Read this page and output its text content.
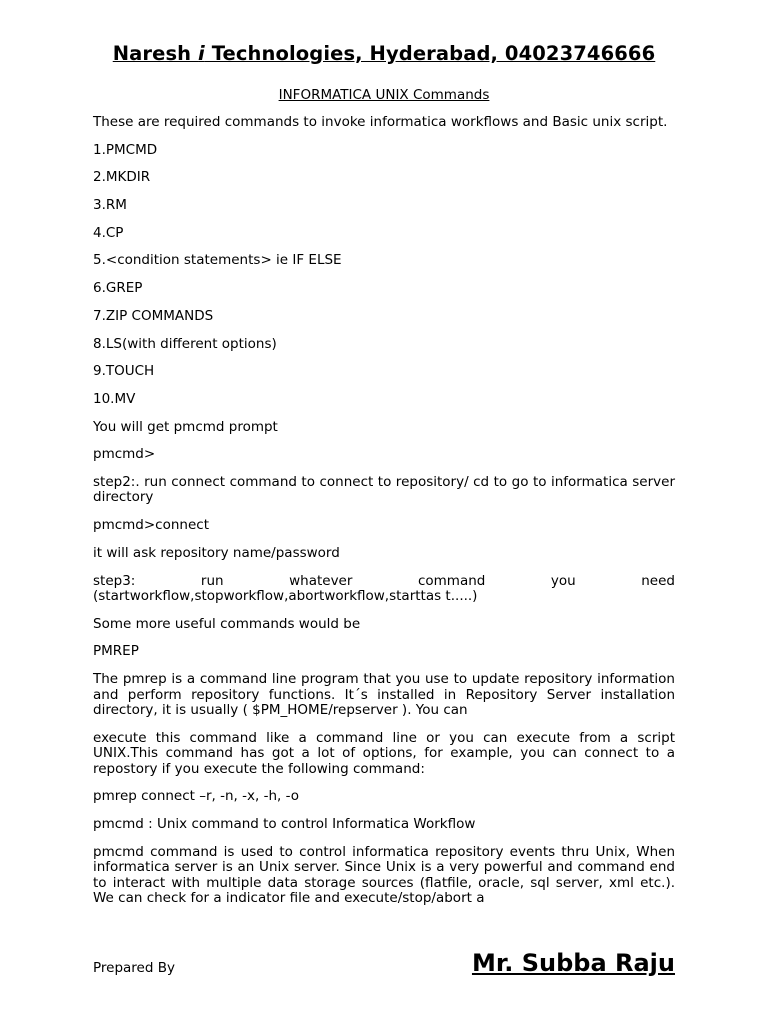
Naresh i Technologies, Hyderabad, 04023746666
INFORMATICA UNIX Commands

These are required commands to invoke informatica workflows and Basic unix script.

1.PMCMD

2.MKDIR

3.RM

4.CP

5.<condition statements> ie IF ELSE

6.GREP

7.ZIP COMMANDS

8.LS(with different options)

9.TOUCH

10.MV

You will get pmcmd prompt

pmcmd>

step2:. run connect command to connect to repository/ cd to go to informatica server directory

pmcmd>connect

it will ask repository name/password

step3: run whatever command you need (startworkflow,stopworkflow,abortworkflow,starttas t.....)

Some more useful commands would be

PMREP

The pmrep is a command line program that you use to update repository information and perform repository functions. It´s installed in Repository Server installation directory, it is usually ( $PM_HOME/repserver ). You can

execute this command like a command line or you can execute from a script UNIX.This command has got a lot of options, for example, you can connect to a repostory if you execute the following command:

pmrep connect –r, -n, -x, -h, -o

pmcmd : Unix command to control Informatica Workflow

pmcmd command is used to control informatica repository events thru Unix, When informatica server is an Unix server. Since Unix is a very powerful and command end to interact with multiple data storage sources (flatfile, oracle, sql server, xml etc.). We can check for a indicator file and execute/stop/abort a

Prepared By	Mr. Subba Raju
